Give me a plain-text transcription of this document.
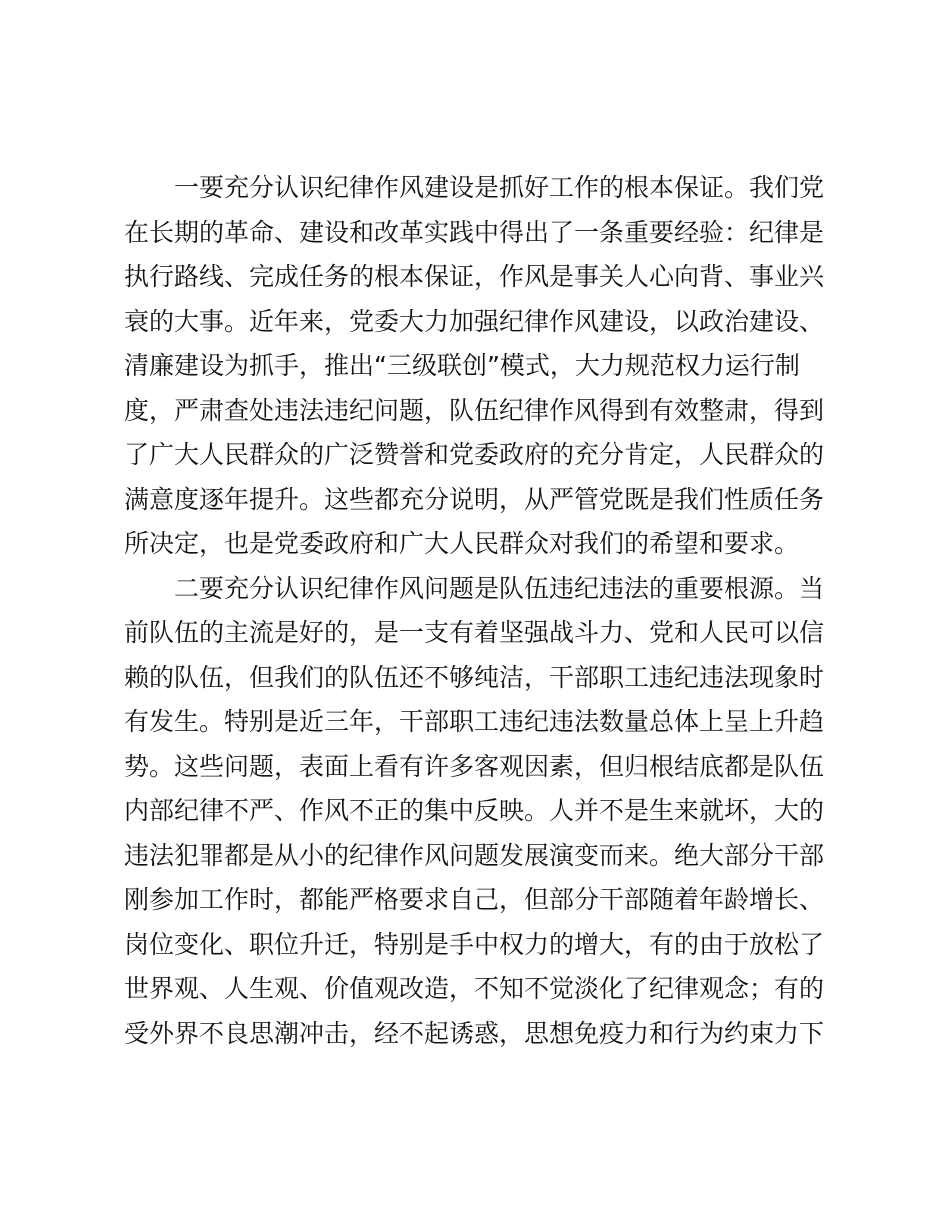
　　一要充分认识纪律作风建设是抓好工作的根本保证。我们党
在长期的革命、建设和改革实践中得出了一条重要经验：纪律是
执行路线、完成任务的根本保证，作风是事关人心向背、事业兴
衰的大事。近年来，党委大力加强纪律作风建设，以政治建设、
清廉建设为抓手，推出“三级联创”模式，大力规范权力运行制
度，严肃查处违法违纪问题，队伍纪律作风得到有效整肃，得到
了广大人民群众的广泛赞誉和党委政府的充分肯定，人民群众的
满意度逐年提升。这些都充分说明，从严管党既是我们性质任务
所决定，也是党委政府和广大人民群众对我们的希望和要求。
　　二要充分认识纪律作风问题是队伍违纪违法的重要根源。当
前队伍的主流是好的，是一支有着坚强战斗力、党和人民可以信
赖的队伍，但我们的队伍还不够纯洁，干部职工违纪违法现象时
有发生。特别是近三年，干部职工违纪违法数量总体上呈上升趋
势。这些问题，表面上看有许多客观因素，但归根结底都是队伍
内部纪律不严、作风不正的集中反映。人并不是生来就坏，大的
违法犯罪都是从小的纪律作风问题发展演变而来。绝大部分干部
刚参加工作时，都能严格要求自己，但部分干部随着年龄增长、
岗位变化、职位升迁，特别是手中权力的增大，有的由于放松了
世界观、人生观、价值观改造，不知不觉淡化了纪律观念；有的
受外界不良思潮冲击，经不起诱惑，思想免疫力和行为约束力下
